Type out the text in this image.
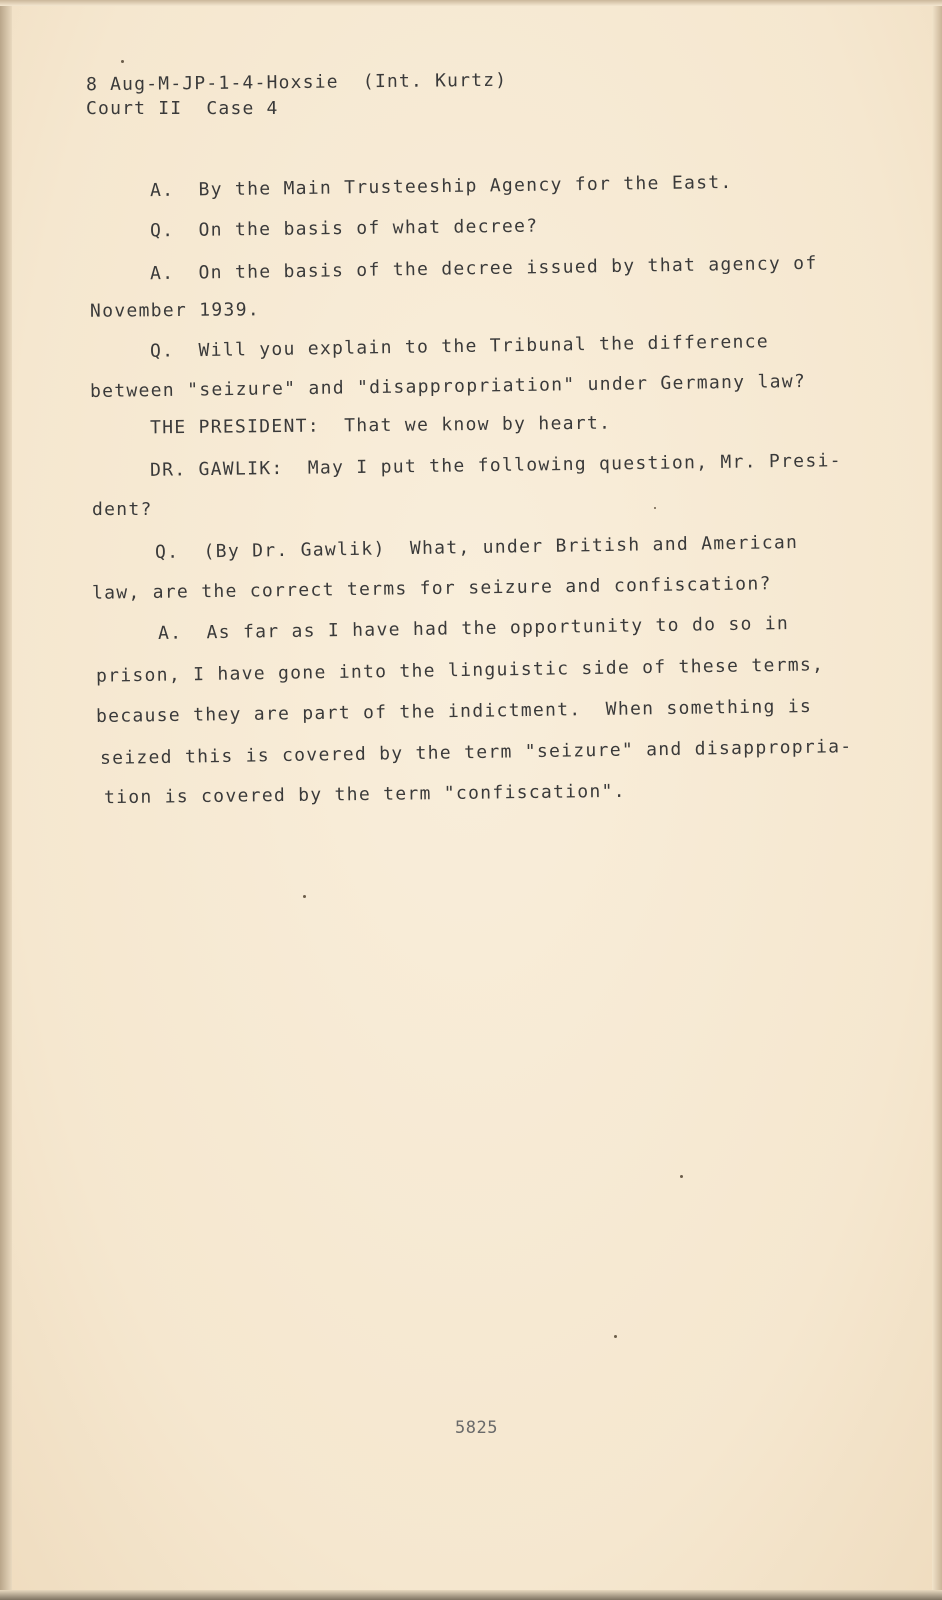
8 Aug-M-JP-1-4-Hoxsie  (Int. Kurtz)
Court II  Case 4
A.  By the Main Trusteeship Agency for the East.
Q.  On the basis of what decree?
A.  On the basis of the decree issued by that agency of
November 1939.
Q.  Will you explain to the Tribunal the difference
between "seizure" and "disappropriation" under Germany law?
THE PRESIDENT:  That we know by heart.
DR. GAWLIK:  May I put the following question, Mr. Presi-
dent?
Q.  (By Dr. Gawlik)  What, under British and American
law, are the correct terms for seizure and confiscation?
A.  As far as I have had the opportunity to do so in
prison, I have gone into the linguistic side of these terms,
because they are part of the indictment.  When something is
seized this is covered by the term "seizure" and disappropria-
tion is covered by the term "confiscation".
5825
